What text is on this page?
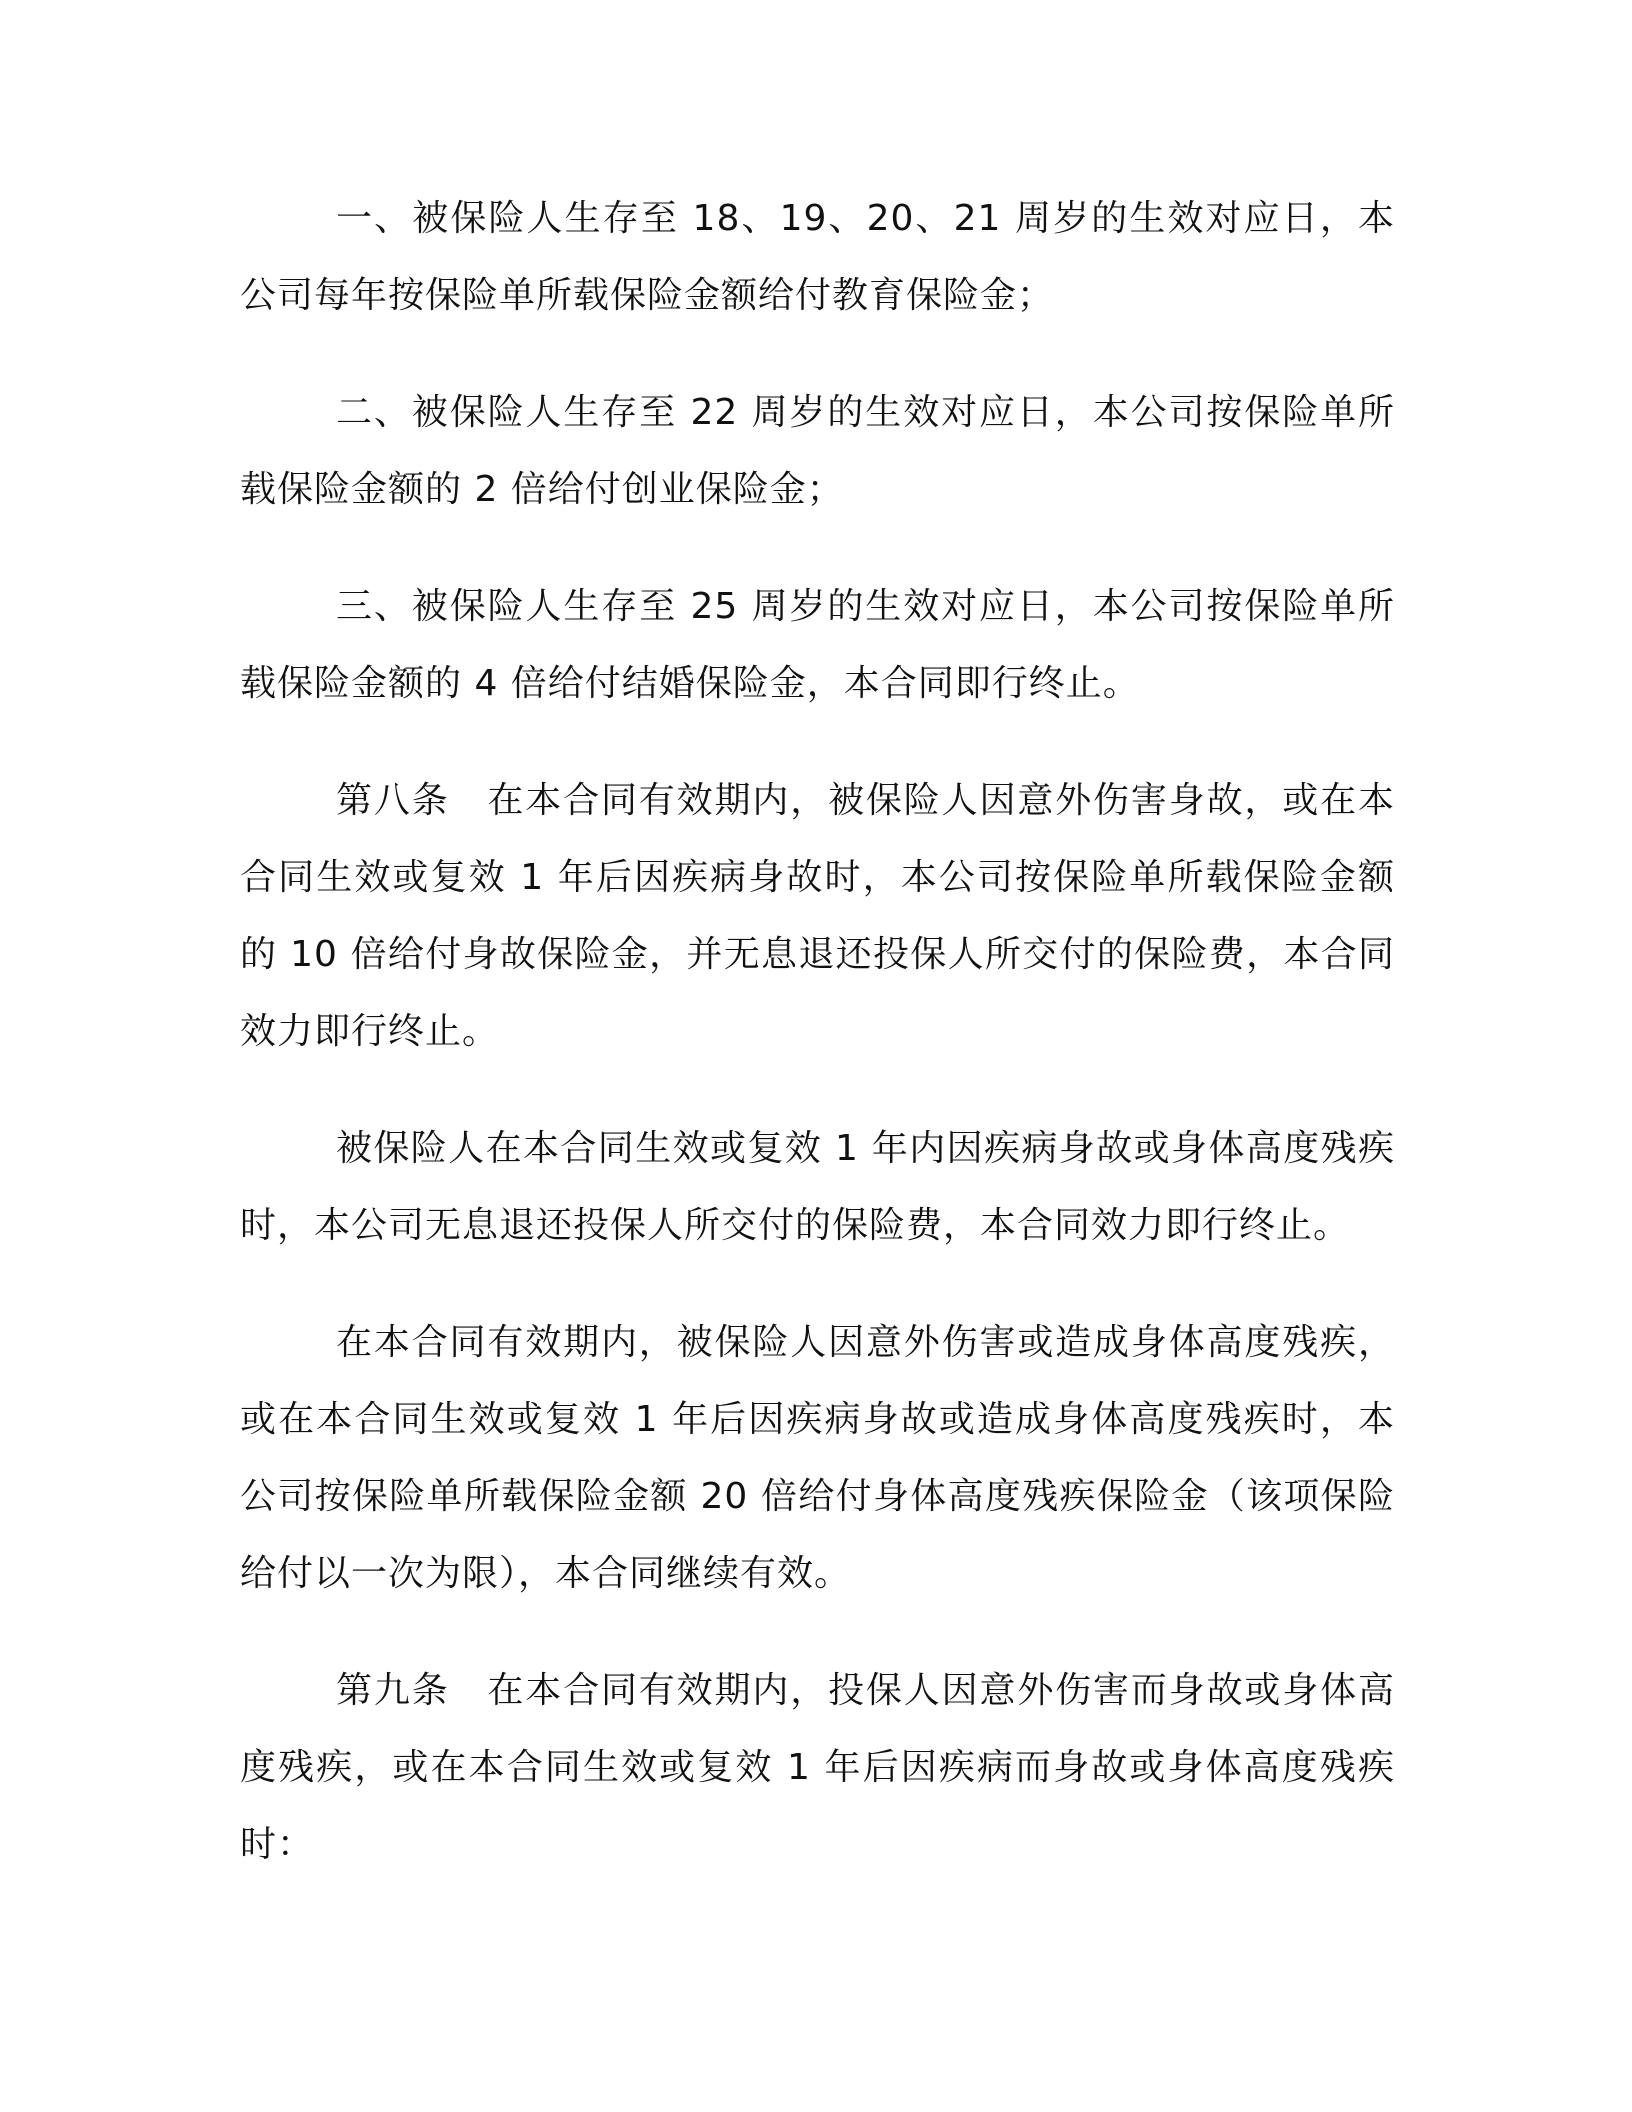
一、被保险人生存至 18、19、20、21 周岁的生效对应日，本公司每年按保险单所载保险金额给付教育保险金；

二、被保险人生存至 22 周岁的生效对应日，本公司按保险单所载保险金额的 2 倍给付创业保险金；

三、被保险人生存至 25 周岁的生效对应日，本公司按保险单所载保险金额的 4 倍给付结婚保险金，本合同即行终止。

第八条　在本合同有效期内，被保险人因意外伤害身故，或在本合同生效或复效 1 年后因疾病身故时，本公司按保险单所载保险金额的 10 倍给付身故保险金，并无息退还投保人所交付的保险费，本合同效力即行终止。

被保险人在本合同生效或复效 1 年内因疾病身故或身体高度残疾时，本公司无息退还投保人所交付的保险费，本合同效力即行终止。

在本合同有效期内，被保险人因意外伤害或造成身体高度残疾，或在本合同生效或复效 1 年后因疾病身故或造成身体高度残疾时，本公司按保险单所载保险金额 20 倍给付身体高度残疾保险金（该项保险给付以一次为限），本合同继续有效。

第九条　在本合同有效期内，投保人因意外伤害而身故或身体高度残疾，或在本合同生效或复效 1 年后因疾病而身故或身体高度残疾时：
